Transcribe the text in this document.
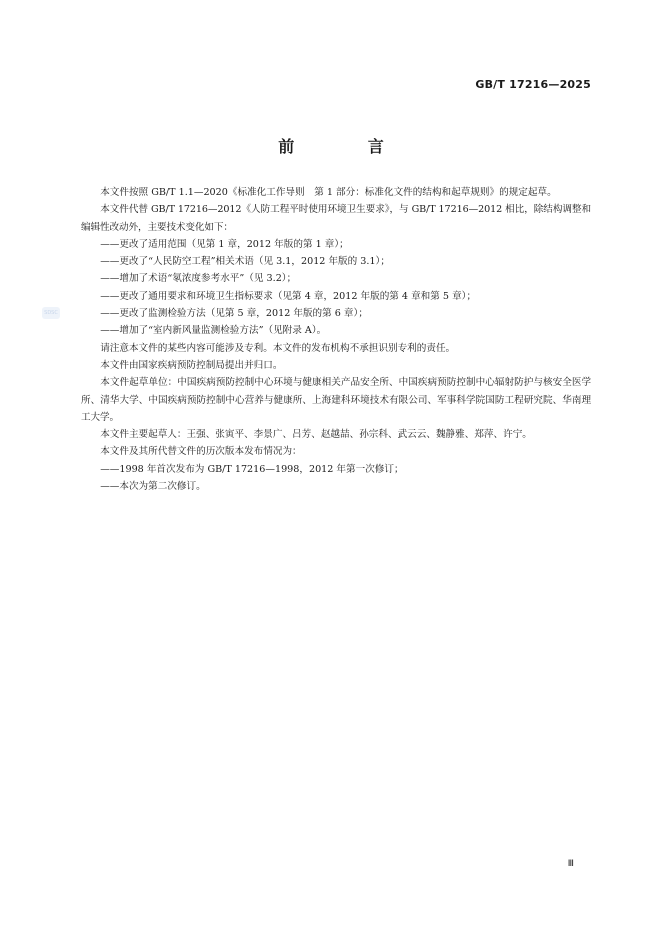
GB/T 17216—2025
前 言
SDSC

本文件按照 GB/T 1.1—2020《标准化工作导则　第 1 部分：标准化文件的结构和起草规则》的规定起草。

本文件代替 GB/T 17216—2012《人防工程平时使用环境卫生要求》，与 GB/T 17216—2012 相比，除结构调整和编辑性改动外，主要技术变化如下：

——更改了适用范围（见第 1 章，2012 年版的第 1 章）；

——更改了“人民防空工程”相关术语（见 3.1，2012 年版的 3.1）；

——增加了术语“氡浓度参考水平”（见 3.2）；

——更改了通用要求和环境卫生指标要求（见第 4 章，2012 年版的第 4 章和第 5 章）；

——更改了监测检验方法（见第 5 章，2012 年版的第 6 章）；

——增加了“室内新风量监测检验方法”（见附录 A）。

请注意本文件的某些内容可能涉及专利。本文件的发布机构不承担识别专利的责任。

本文件由国家疾病预防控制局提出并归口。

本文件起草单位：中国疾病预防控制中心环境与健康相关产品安全所、中国疾病预防控制中心辐射防护与核安全医学所、清华大学、中国疾病预防控制中心营养与健康所、上海建科环境技术有限公司、军事科学院国防工程研究院、华南理工大学。

本文件主要起草人：王强、张寅平、李景广、吕芳、赵越喆、孙宗科、武云云、魏静雅、郑萍、许宁。

本文件及其所代替文件的历次版本发布情况为：

——1998 年首次发布为 GB/T 17216—1998，2012 年第一次修订；

——本次为第二次修订。

Ⅲ
